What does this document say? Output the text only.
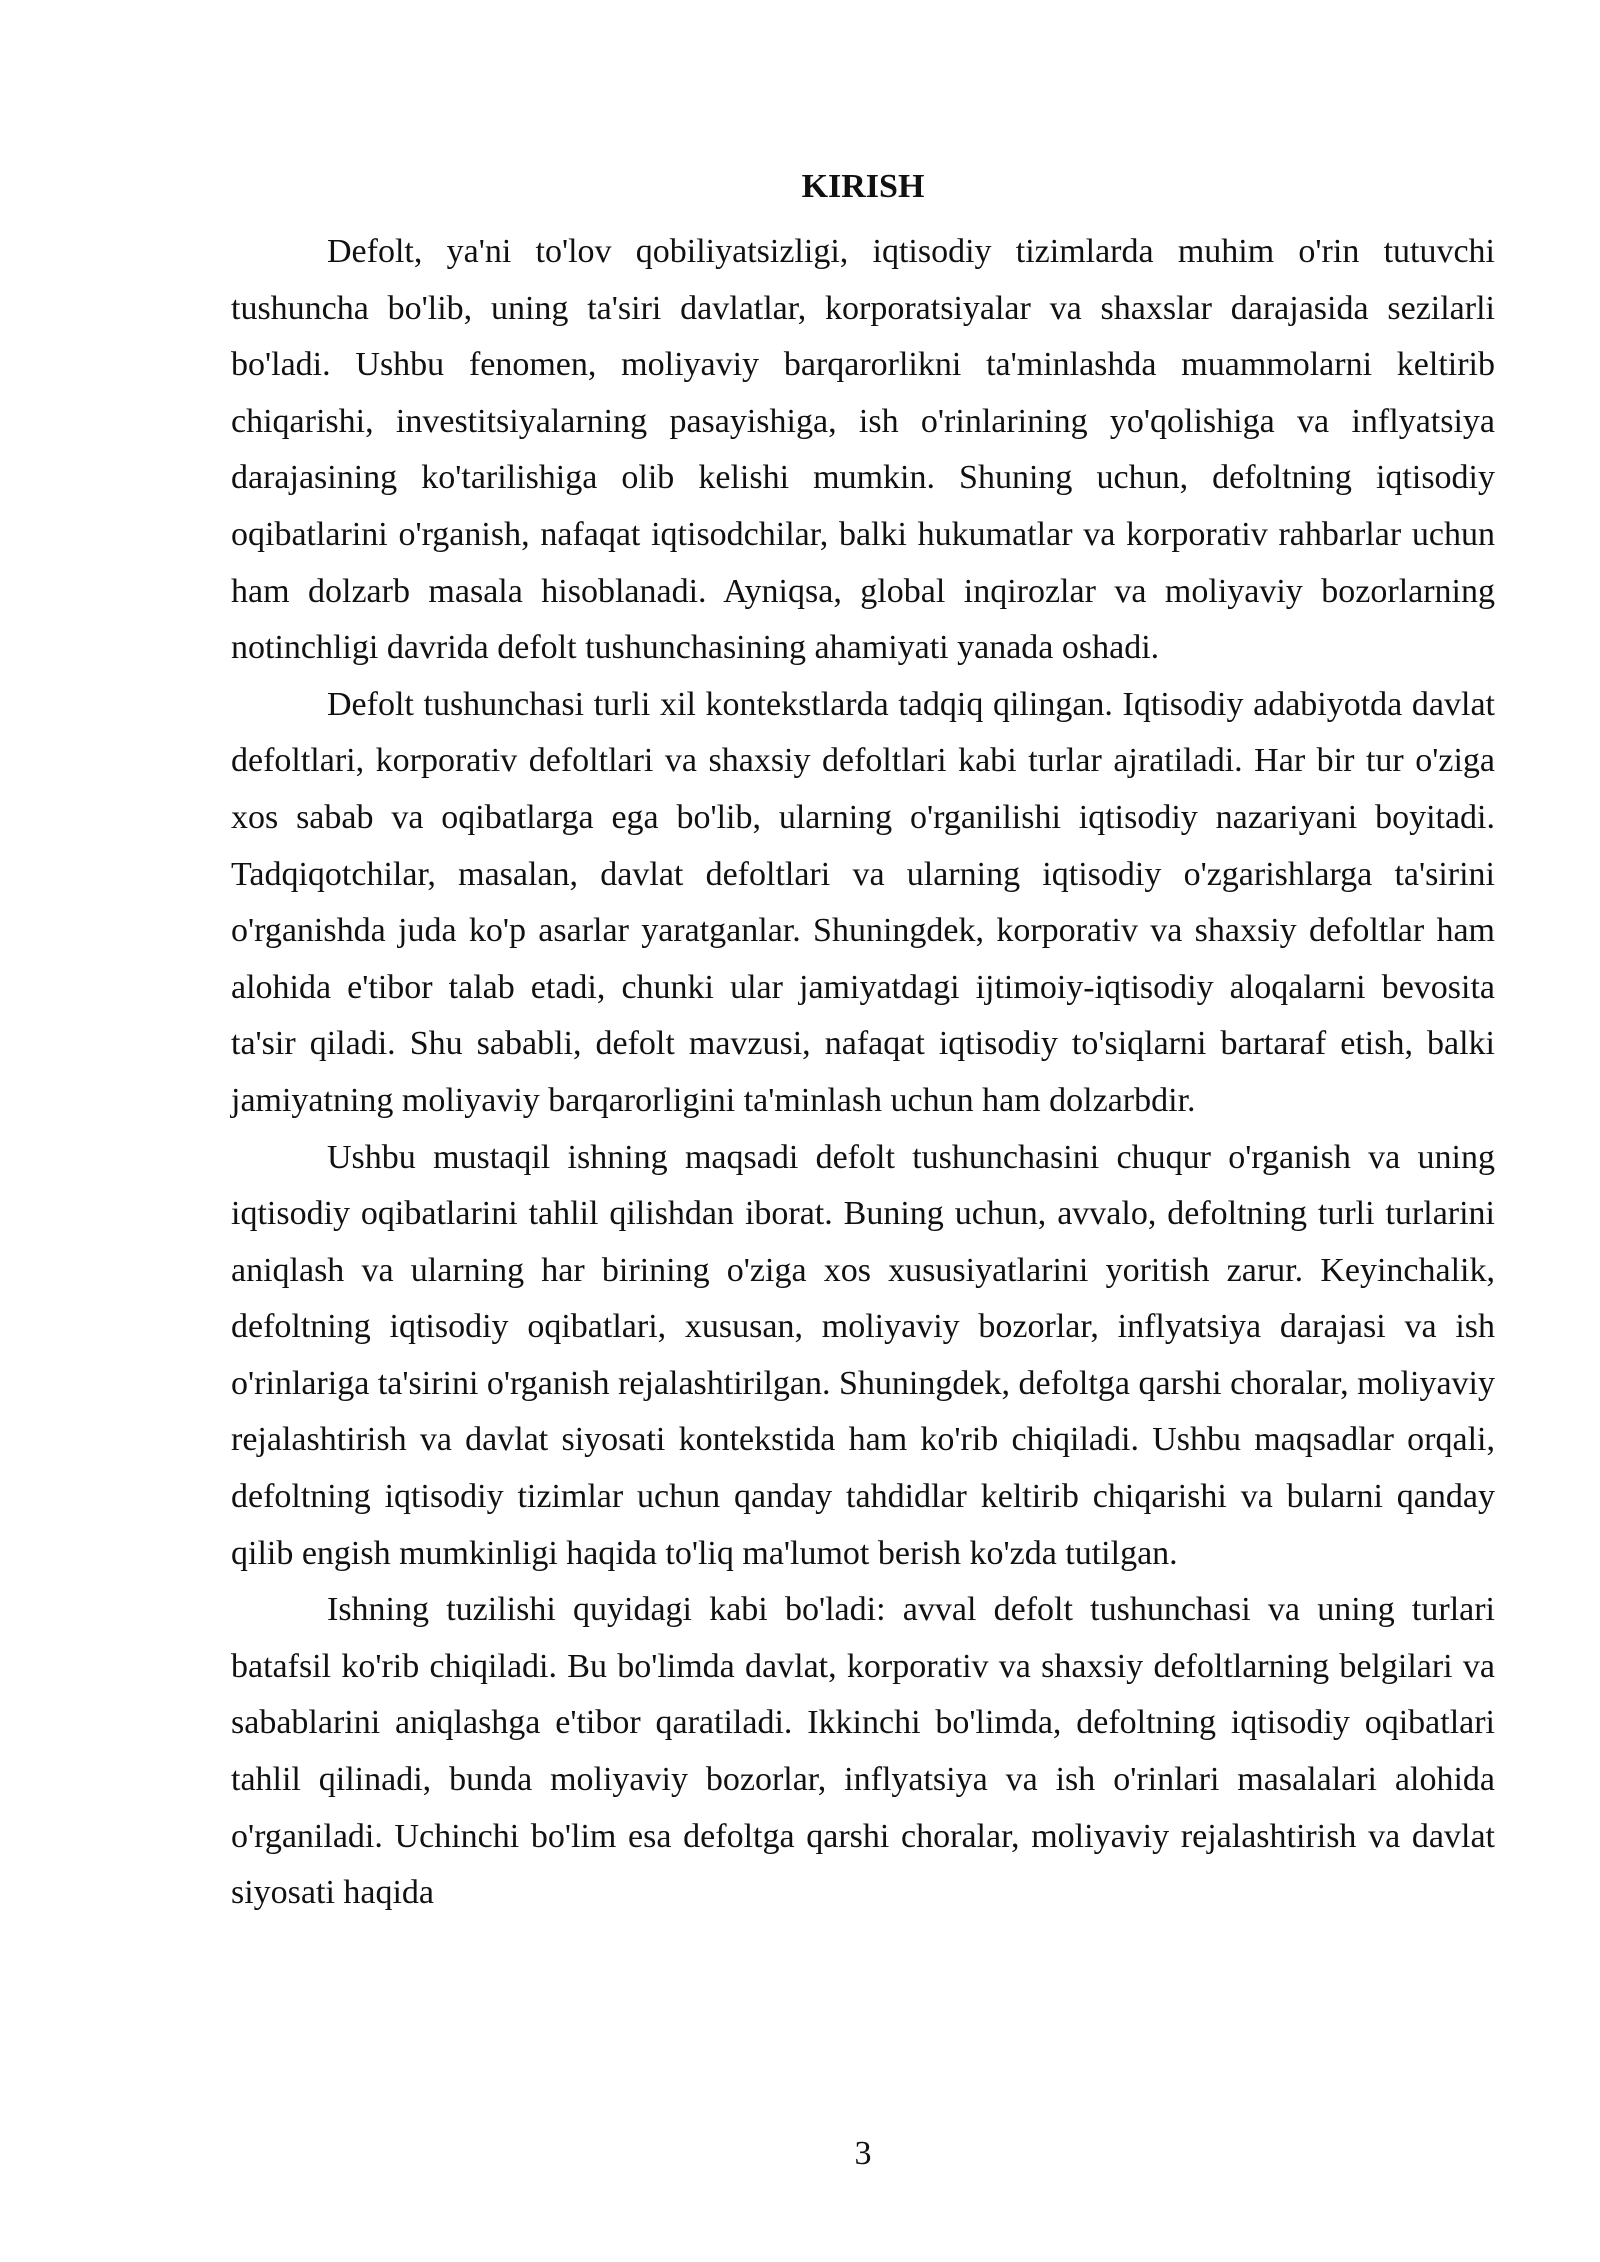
KIRISH

Defolt, ya'ni to'lov qobiliyatsizligi, iqtisodiy tizimlarda muhim o'rin tutuvchi tushuncha bo'lib, uning ta'siri davlatlar, korporatsiyalar va shaxslar darajasida sezilarli bo'ladi. Ushbu fenomen, moliyaviy barqarorlikni ta'minlashda muammolarni keltirib chiqarishi, investitsiyalarning pasayishiga, ish o'rinlarining yo'qolishiga va inflyatsiya darajasining ko'tarilishiga olib kelishi mumkin. Shuning uchun, defoltning iqtisodiy oqibatlarini o'rganish, nafaqat iqtisodchilar, balki hukumatlar va korporativ rahbarlar uchun ham dolzarb masala hisoblanadi. Ayniqsa, global inqirozlar va moliyaviy bozorlarning notinchligi davrida defolt tushunchasining ahamiyati yanada oshadi.

Defolt tushunchasi turli xil kontekstlarda tadqiq qilingan. Iqtisodiy adabiyotda davlat defoltlari, korporativ defoltlari va shaxsiy defoltlari kabi turlar ajratiladi. Har bir tur o'ziga xos sabab va oqibatlarga ega bo'lib, ularning o'rganilishi iqtisodiy nazariyani boyitadi. Tadqiqotchilar, masalan, davlat defoltlari va ularning iqtisodiy o'zgarishlarga ta'sirini o'rganishda juda ko'p asarlar yaratganlar. Shuningdek, korporativ va shaxsiy defoltlar ham alohida e'tibor talab etadi, chunki ular jamiyatdagi ijtimoiy-iqtisodiy aloqalarni bevosita ta'sir qiladi. Shu sababli, defolt mavzusi, nafaqat iqtisodiy to'siqlarni bartaraf etish, balki jamiyatning moliyaviy barqarorligini ta'minlash uchun ham dolzarbdir.

Ushbu mustaqil ishning maqsadi defolt tushunchasini chuqur o'rganish va uning iqtisodiy oqibatlarini tahlil qilishdan iborat. Buning uchun, avvalo, defoltning turli turlarini aniqlash va ularning har birining o'ziga xos xususiyatlarini yoritish zarur. Keyinchalik, defoltning iqtisodiy oqibatlari, xususan, moliyaviy bozorlar, inflyatsiya darajasi va ish o'rinlariga ta'sirini o'rganish rejalashtirilgan. Shuningdek, defoltga qarshi choralar, moliyaviy rejalashtirish va davlat siyosati kontekstida ham ko'rib chiqiladi. Ushbu maqsadlar orqali, defoltning iqtisodiy tizimlar uchun qanday tahdidlar keltirib chiqarishi va bularni qanday qilib engish mumkinligi haqida to'liq ma'lumot berish ko'zda tutilgan.

Ishning tuzilishi quyidagi kabi bo'ladi: avval defolt tushunchasi va uning turlari batafsil ko'rib chiqiladi. Bu bo'limda davlat, korporativ va shaxsiy defoltlarning belgilari va sabablarini aniqlashga e'tibor qaratiladi. Ikkinchi bo'limda, defoltning iqtisodiy oqibatlari tahlil qilinadi, bunda moliyaviy bozorlar, inflyatsiya va ish o'rinlari masalalari alohida o'rganiladi. Uchinchi bo'lim esa defoltga qarshi choralar, moliyaviy rejalashtirish va davlat siyosati haqida

3
